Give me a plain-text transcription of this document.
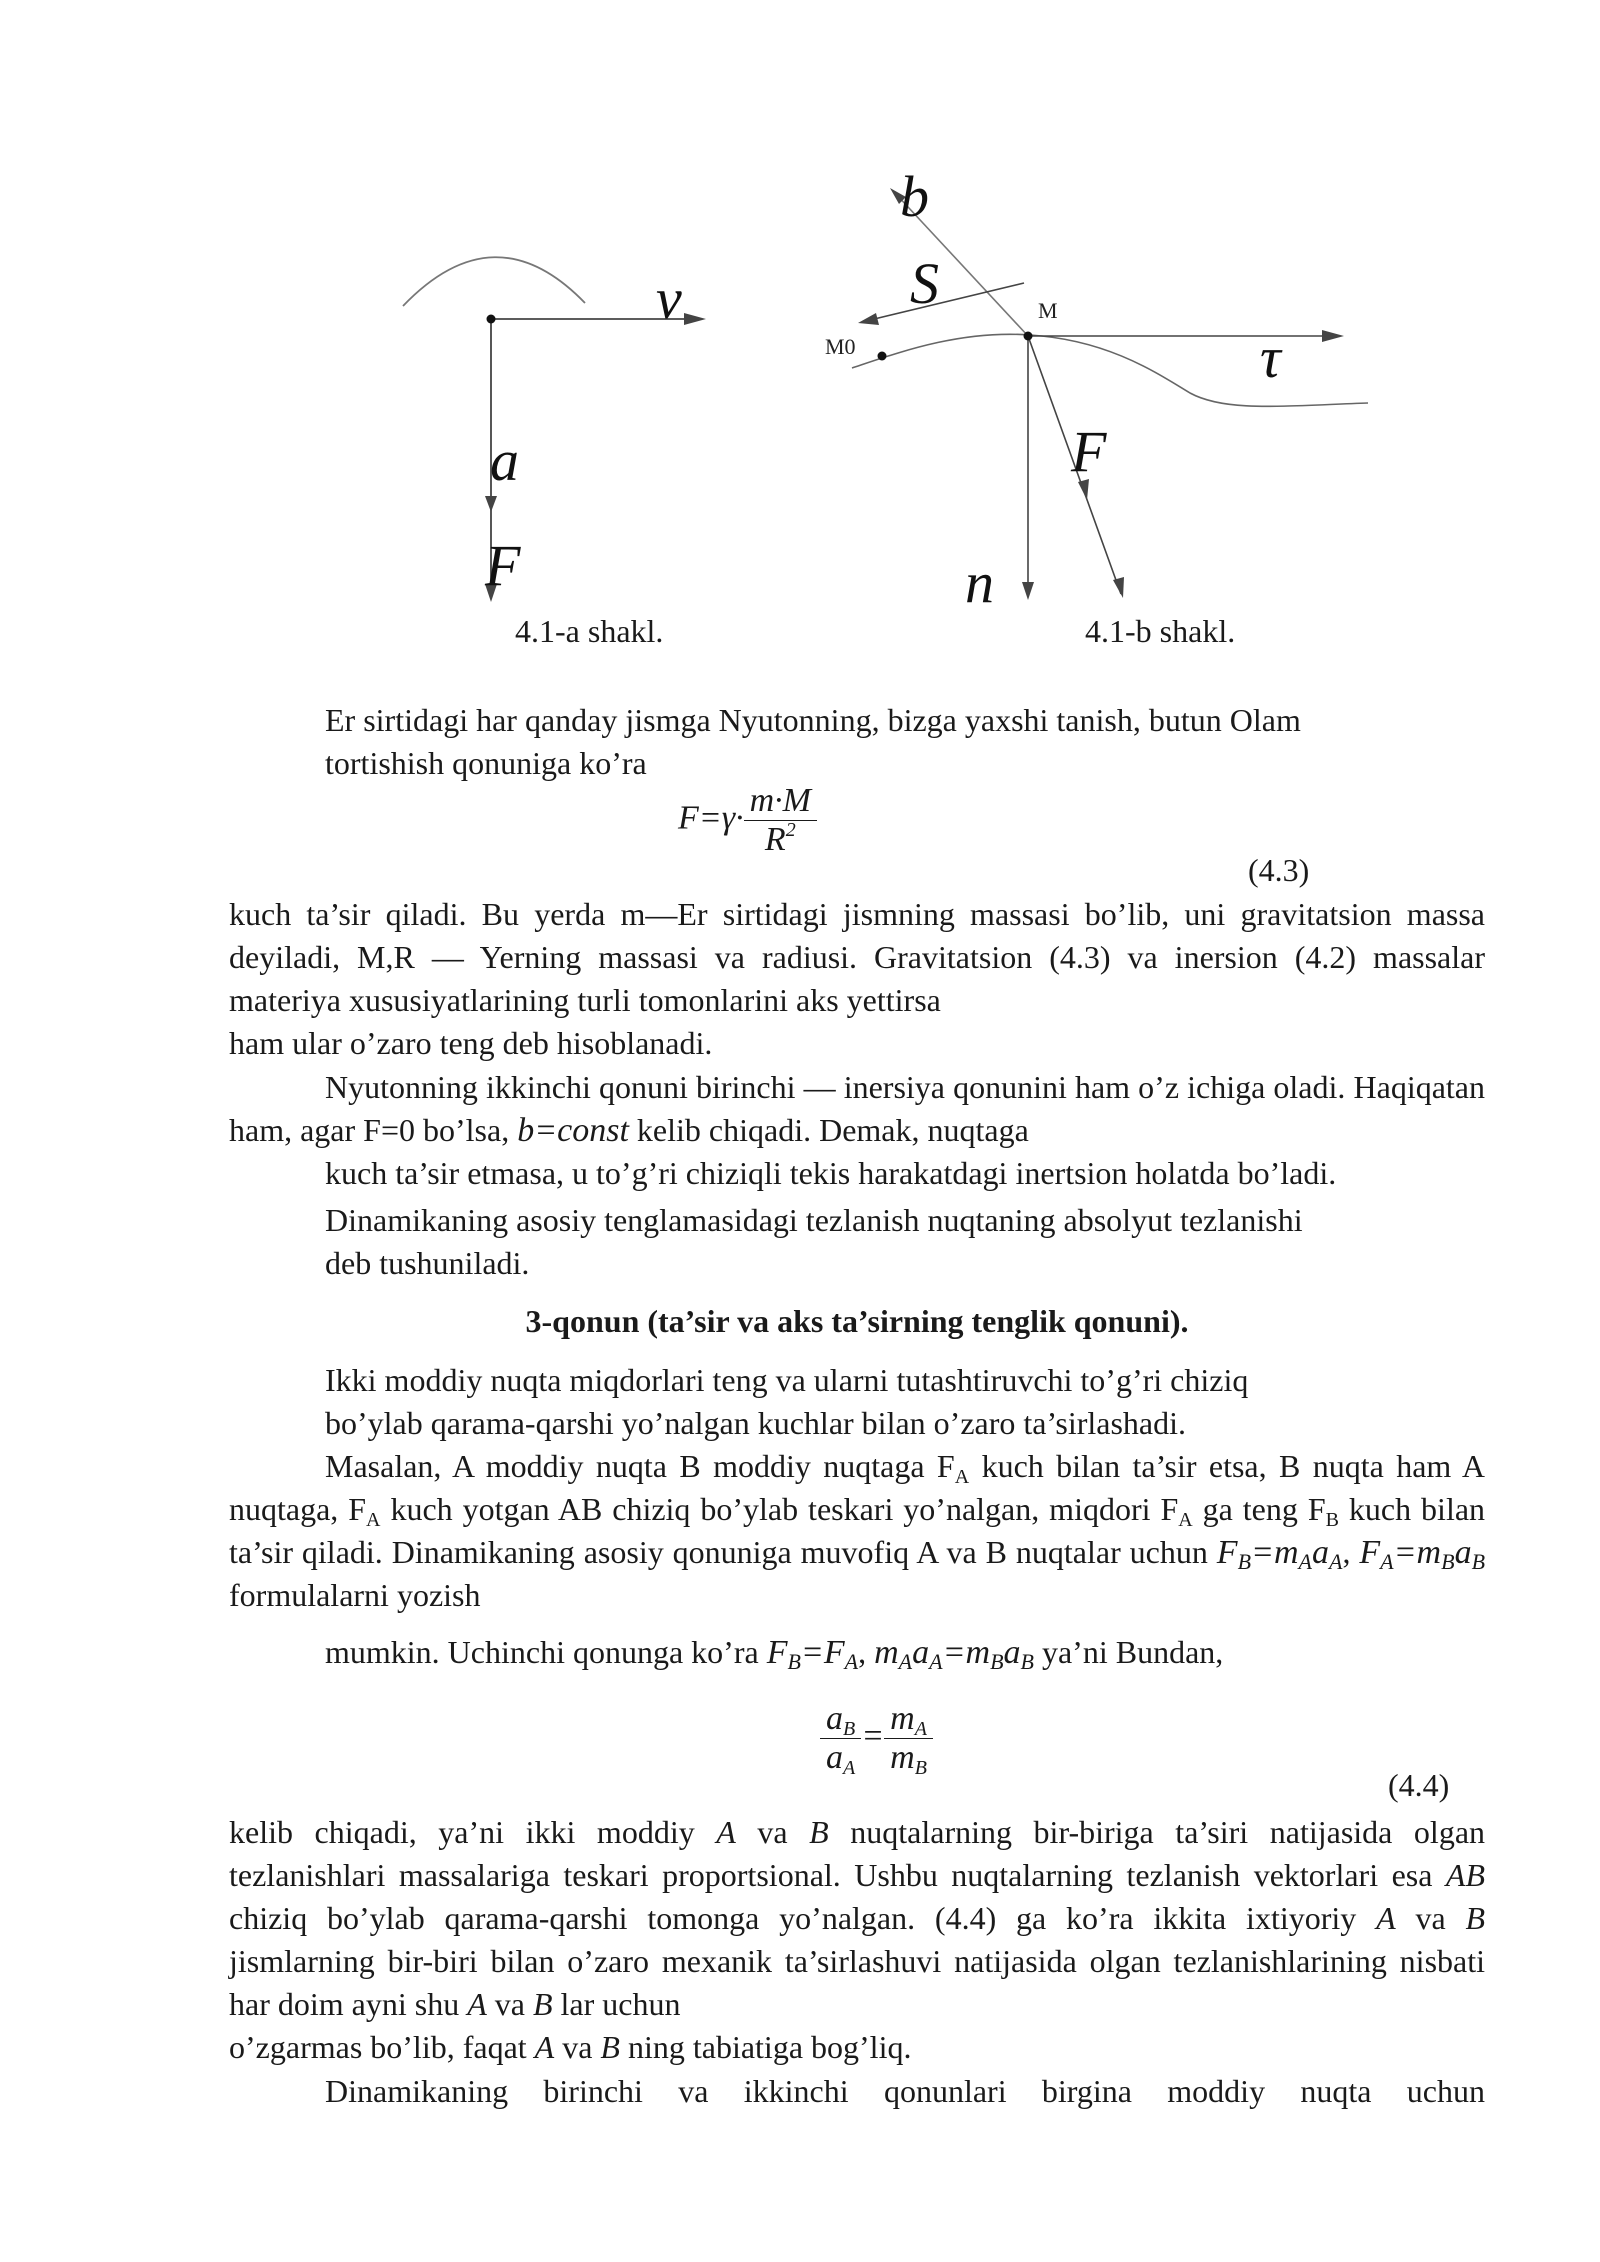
v
a
F
b
S
τ
F
n
M
M0
4.1-a shakl.	4.1-b shakl.
Er sirtidagi har qanday jismga Nyutonning, bizga yaxshi tanish, butun Olam
tortishish qonuniga ko’ra
$F=\gamma\cdot \frac{m\cdot M}{R^2}$
(4.3)
kuch ta’sir qiladi. Bu yerda m—Er sirtidagi jismning massasi bo’lib, uni gravitatsion massa deyiladi, M,R — Yerning massasi va radiusi. Gravitatsion (4.3) va inersion (4.2) massalar materiya xususiyatlarining turli tomonlarini aks yettirsa
ham ular o’zaro teng deb hisoblanadi.
Nyutonning ikkinchi qonuni birinchi — inersiya qonunini ham o’z ichiga oladi. Haqiqatan ham, agar F=0 bo’lsa, b=const kelib chiqadi. Demak, nuqtaga
kuch ta’sir etmasa, u to’g’ri chiziqli tekis harakatdagi inertsion holatda bo’ladi.
Dinamikaning asosiy tenglamasidagi tezlanish nuqtaning absolyut tezlanishi
deb tushuniladi.
3-qonun (ta’sir va aks ta’sirning tenglik qonuni).
Ikki moddiy nuqta miqdorlari teng va ularni tutashtiruvchi to’g’ri chiziq
bo’ylab qarama-qarshi yo’nalgan kuchlar bilan o’zaro ta’sirlashadi.
Masalan, A moddiy nuqta B moddiy nuqtaga $F_A$ kuch bilan ta’sir etsa, B nuqta ham A nuqtaga, $F_A$ kuch yotgan AB chiziq bo’ylab teskari yo’nalgan, miqdori $F_A$ ga teng $F_B$ kuch bilan ta’sir qiladi. Dinamikaning asosiy qonuniga muvofiq A va B nuqtalar uchun $F_B=m_Aa_A$, $F_A=m_Ba_B$ formulalarni yozish
mumkin. Uchinchi qonunga ko’ra $F_B=F_A$, $m_Aa_A=m_Ba_B$ ya’ni Bundan,
$\frac{a_B}{a_A} = \frac{m_A}{m_B}$
(4.4)
kelib chiqadi, ya’ni ikki moddiy A va B nuqtalarning bir-biriga ta’siri natijasida olgan tezlanishlari massalariga teskari proportsional. Ushbu nuqtalarning tezlanish vektorlari esa AB chiziq bo’ylab qarama-qarshi tomonga yo’nalgan. (4.4) ga ko’ra ikkita ixtiyoriy A va B jismlarning bir-biri bilan o’zaro mexanik ta’sirlashuvi natijasida olgan tezlanishlarining nisbati har doim ayni shu A va B lar uchun
o’zgarmas bo’lib, faqat A va B ning tabiatiga bog’liq.
Dinamikaning birinchi va ikkinchi qonunlari birgina moddiy nuqta uchun
